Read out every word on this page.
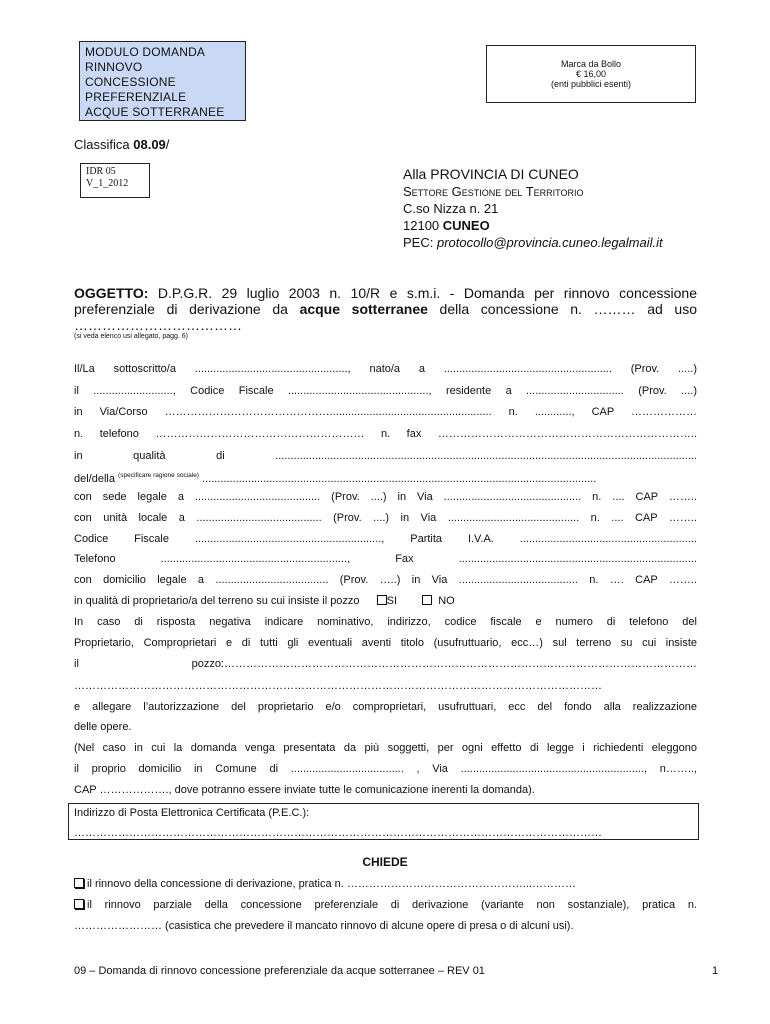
MODULO DOMANDA
RINNOVO
CONCESSIONE
PREFERENZIALE
ACQUE SOTTERRANEE
Marca da Bollo
€ 16,00
(enti pubblici esenti)
Classifica 08.09/
IDR 05
V_1_2012
Alla PROVINCIA DI CUNEO
Settore Gestione del Territorio
C.so Nizza n. 21
12100 CUNEO
PEC: protocollo@provincia.cuneo.legalmail.it
OGGETTO: D.P.G.R. 29 luglio 2003 n. 10/R e s.m.i. - Domanda per rinnovo concessione preferenziale di derivazione da acque sotterranee della concessione n. ……… ad uso ………………………………
(si veda elenco usi allegato, pagg. 6)
Il/La sottoscritto/a .................................................., nato/a a ....................................................... (Prov. .....)
il .........................., Codice Fiscale .............................................., residente a ................................ (Prov. ....)
in Via/Corso ………………………………………..................................................... n. ............, CAP ………………
n. telefono ………………………………………………… n. fax ……………………………………………………………..
in qualità di ..........................................................................................................................................
del/della $^{(specificare ragione sociale)}$ .................................................................................................................................
con sede legale a ......................................... (Prov. ....) in Via ............................................. n. .... CAP ……..
con unità locale a ......................................... (Prov. ....) in Via ........................................... n. .... CAP ……..
Codice Fiscale ............................................................., Partita I.V.A. ..........................................................
Telefono ............................................................., Fax ..............................................................................
con domicilio legale a ..................................... (Prov. …..) in Via ....................................... n. …. CAP ……..
in qualità di proprietario/a del terreno su cui insiste il pozzo SI	NO
In caso di risposta negativa indicare nominativo, indirizzo, codice fiscale e numero di telefono del
Proprietario, Comproprietari e di tutti gli eventuali aventi titolo (usufruttuario, ecc…) sul terreno su cui insiste
il pozzo:…………………………………………………………………………………………………………………
………………………………………………………………………………………………………………………………
e allegare l’autorizzazione del proprietario e/o comproprietari, usufruttuari, ecc del fondo alla realizzazione
delle opere.
(Nel caso in cui la domanda venga presentata da più soggetti, per ogni effetto di legge i richiedenti eleggono
il proprio domicilio in Comune di ..................................... , Via ............................................................, n……..,
CAP ………………., dove potranno essere inviate tutte le comunicazione inerenti la domanda).
Indirizzo di Posta Elettronica Certificata (P.E.C.):
………………………………………………………………………………………………………………………………
CHIEDE
il rinnovo della concessione di derivazione, pratica n. …………………………………………...…………
il rinnovo parziale della concessione preferenziale di derivazione (variante non sostanziale), pratica n.
…………………… (casistica che prevedere il mancato rinnovo di alcune opere di presa o di alcuni usi).
09 – Domanda di rinnovo concessione preferenziale da acque sotterranee – REV 01	1
